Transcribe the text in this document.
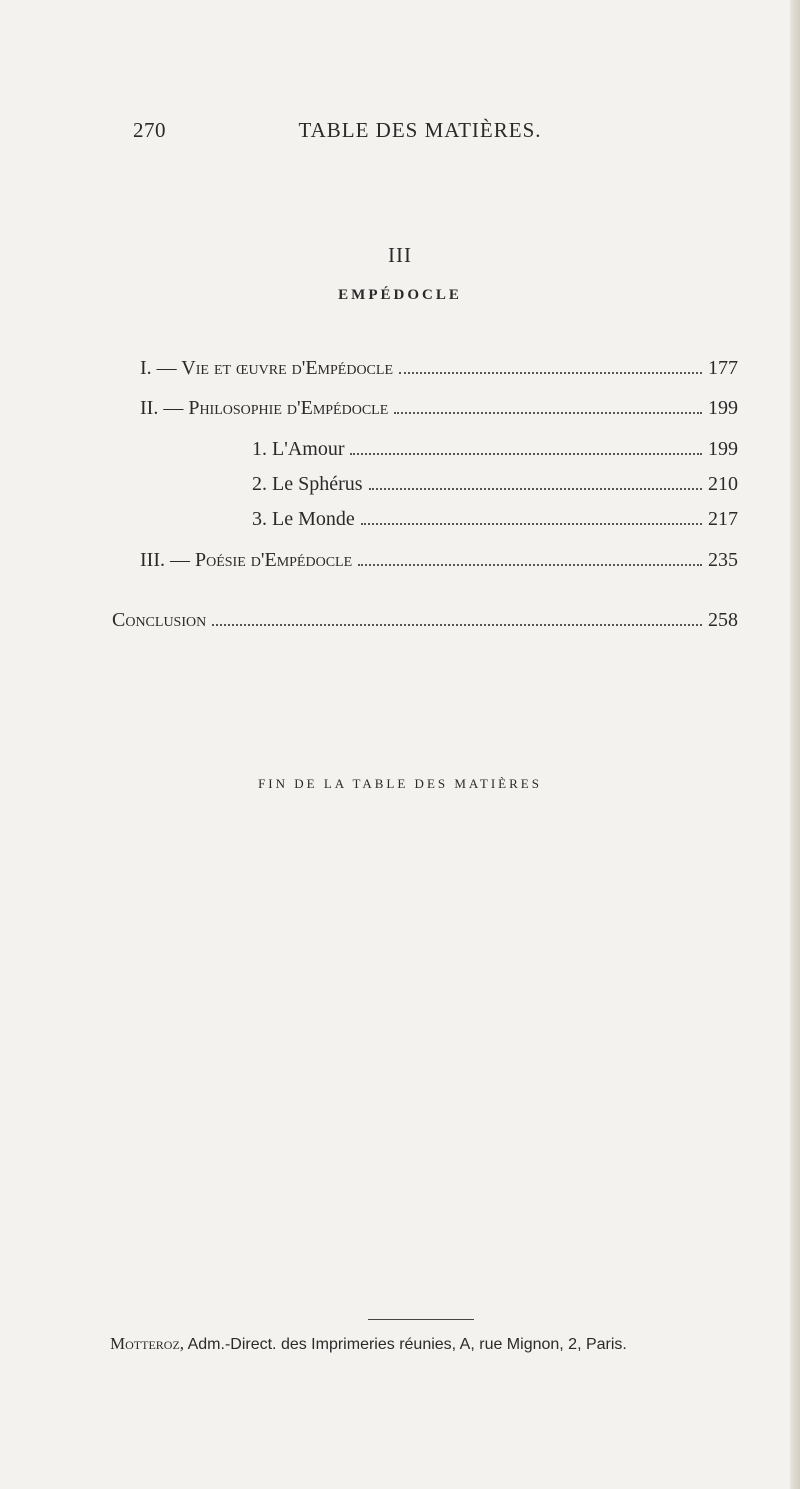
270	TABLE DES MATIÈRES.
III
EMPÉDOCLE
I. — Vie et œuvre d'Empédocle	177
II. — Philosophie d'Empédocle	199
1. L'Amour	199
2. Le Sphérus	210
3. Le Monde	217
III. — Poésie d'Empédocle	235
Conclusion	258
FIN DE LA TABLE DES MATIÈRES
Motteroz, Adm.-Direct. des Imprimeries réunies, A, rue Mignon, 2, Paris.
